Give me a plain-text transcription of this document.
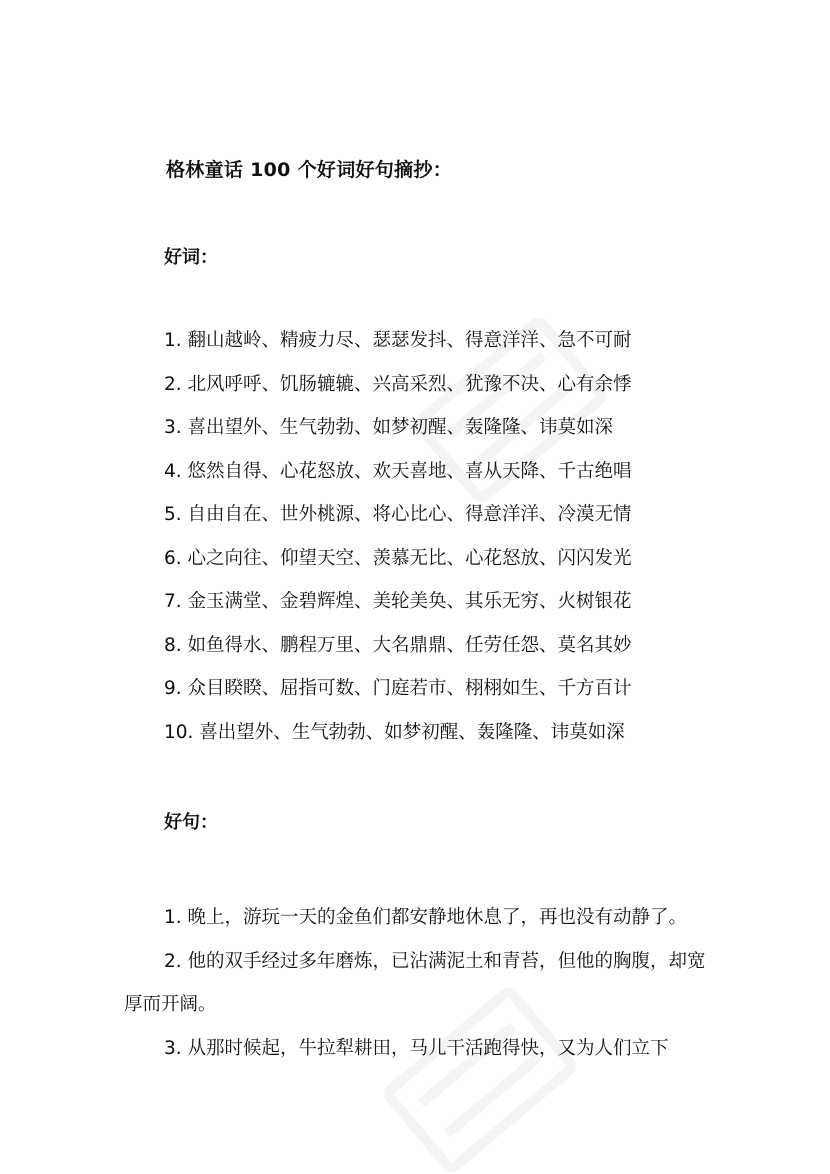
格林童话 100 个好词好句摘抄：
好词：
1. 翻山越岭、精疲力尽、瑟瑟发抖、得意洋洋、急不可耐
2. 北风呼呼、饥肠辘辘、兴高采烈、犹豫不决、心有余悸
3. 喜出望外、生气勃勃、如梦初醒、轰隆隆、讳莫如深
4. 悠然自得、心花怒放、欢天喜地、喜从天降、千古绝唱
5. 自由自在、世外桃源、将心比心、得意洋洋、冷漠无情
6. 心之向往、仰望天空、羡慕无比、心花怒放、闪闪发光
7. 金玉满堂、金碧辉煌、美轮美奂、其乐无穷、火树银花
8. 如鱼得水、鹏程万里、大名鼎鼎、任劳任怨、莫名其妙
9. 众目睽睽、屈指可数、门庭若市、栩栩如生、千方百计
10. 喜出望外、生气勃勃、如梦初醒、轰隆隆、讳莫如深
好句：
1. 晚上，游玩一天的金鱼们都安静地休息了，再也没有动静了。
2. 他的双手经过多年磨炼，已沾满泥土和青苔，但他的胸腹，却宽厚而开阔。
3. 从那时候起，牛拉犁耕田，马儿干活跑得快，又为人们立下
